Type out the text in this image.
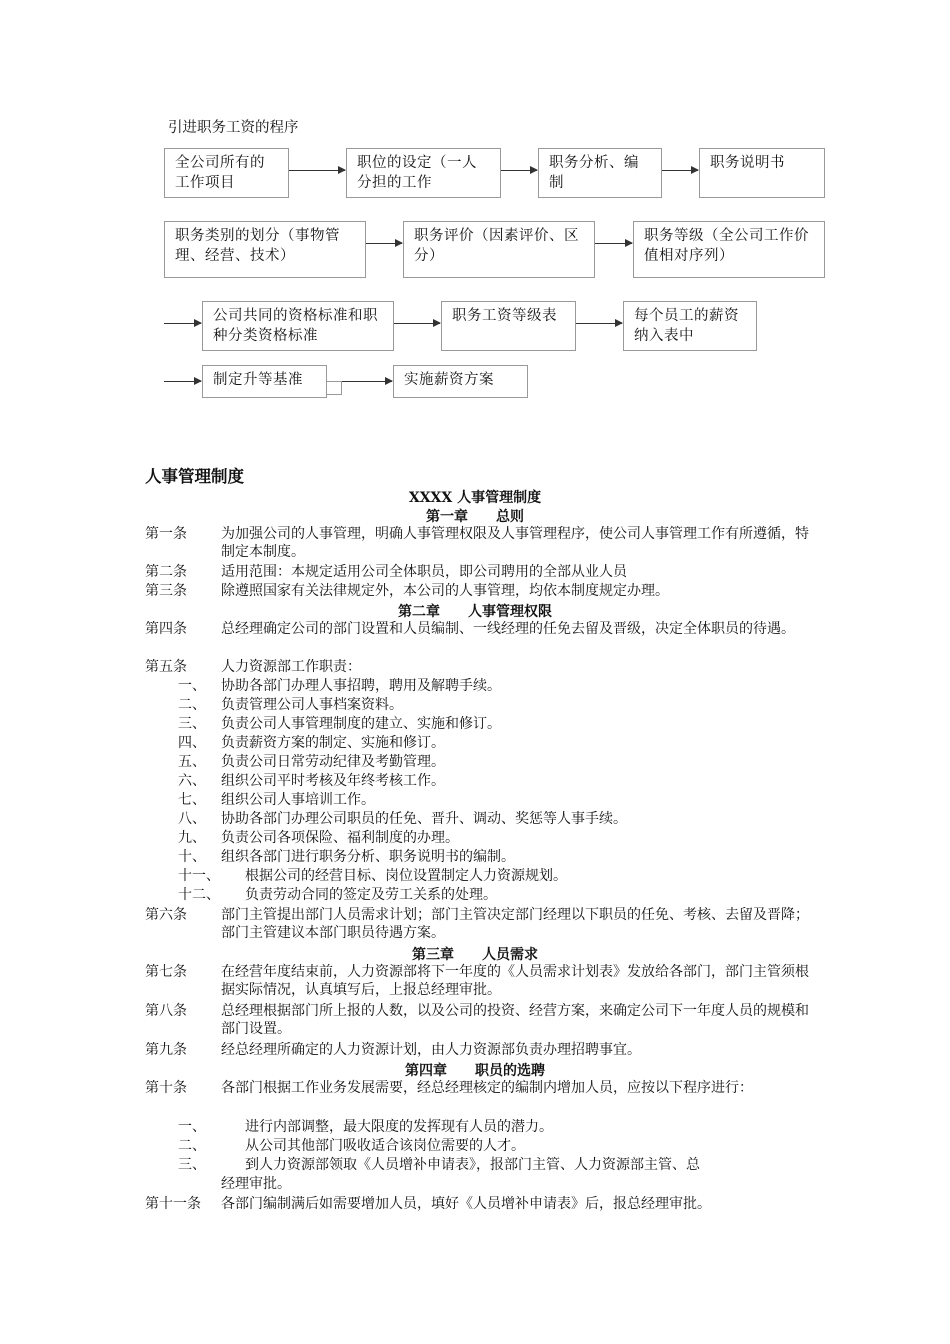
引进职务工资的程序
全公司所有的工作项目
职位的设定（一人分担的工作
职务分析、编制
职务说明书
职务类别的划分（事物管理、经营、技术）
职务评价（因素评价、区分）
职务等级（全公司工作价值相对序列）
公司共同的资格标准和职种分类资格标准
职务工资等级表	每个员工的薪资纳入表中
制定升等基准	实施薪资方案
人事管理制度
XXXX 人事管理制度
第一章　　总则
第一条 为加强公司的人事管理，明确人事管理权限及人事管理程序，使公司人事管理工作有所遵循，特制定本制度。
第二条 适用范围：本规定适用公司全体职员，即公司聘用的全部从业人员
第三条 除遵照国家有关法律规定外，本公司的人事管理，均依本制度规定办理。
第二章　　人事管理权限
第四条 总经理确定公司的部门设置和人员编制、一线经理的任免去留及晋级，决定全体职员的待遇。
第五条 人力资源部工作职责：
一、 协助各部门办理人事招聘，聘用及解聘手续。
二、 负责管理公司人事档案资料。
三、 负责公司人事管理制度的建立、实施和修订。
四、 负责薪资方案的制定、实施和修订。
五、 负责公司日常劳动纪律及考勤管理。
六、 组织公司平时考核及年终考核工作。
七、 组织公司人事培训工作。
八、 协助各部门办理公司职员的任免、晋升、调动、奖惩等人事手续。
九、 负责公司各项保险、福利制度的办理。
十、 组织各部门进行职务分析、职务说明书的编制。
十一、 根据公司的经营目标、岗位设置制定人力资源规划。
十二、 负责劳动合同的签定及劳工关系的处理。
第六条 部门主管提出部门人员需求计划；部门主管决定部门经理以下职员的任免、考核、去留及晋降；部门主管建议本部门职员待遇方案。
第三章　　人员需求
第七条 在经营年度结束前，人力资源部将下一年度的《人员需求计划表》发放给各部门，部门主管须根据实际情况，认真填写后，上报总经理审批。
第八条 总经理根据部门所上报的人数，以及公司的投资、经营方案，来确定公司下一年度人员的规模和部门设置。
第九条 经总经理所确定的人力资源计划，由人力资源部负责办理招聘事宜。
第四章　　职员的选聘
第十条 各部门根据工作业务发展需要，经总经理核定的编制内增加人员，应按以下程序进行：
一、	进行内部调整，最大限度的发挥现有人员的潜力。
二、	从公司其他部门吸收适合该岗位需要的人才。
三、	到人力资源部领取《人员增补申请表》，报部门主管、人力资源部主管、总
经理审批。
第十一条 各部门编制满后如需要增加人员，填好《人员增补申请表》后，报总经理审批。
